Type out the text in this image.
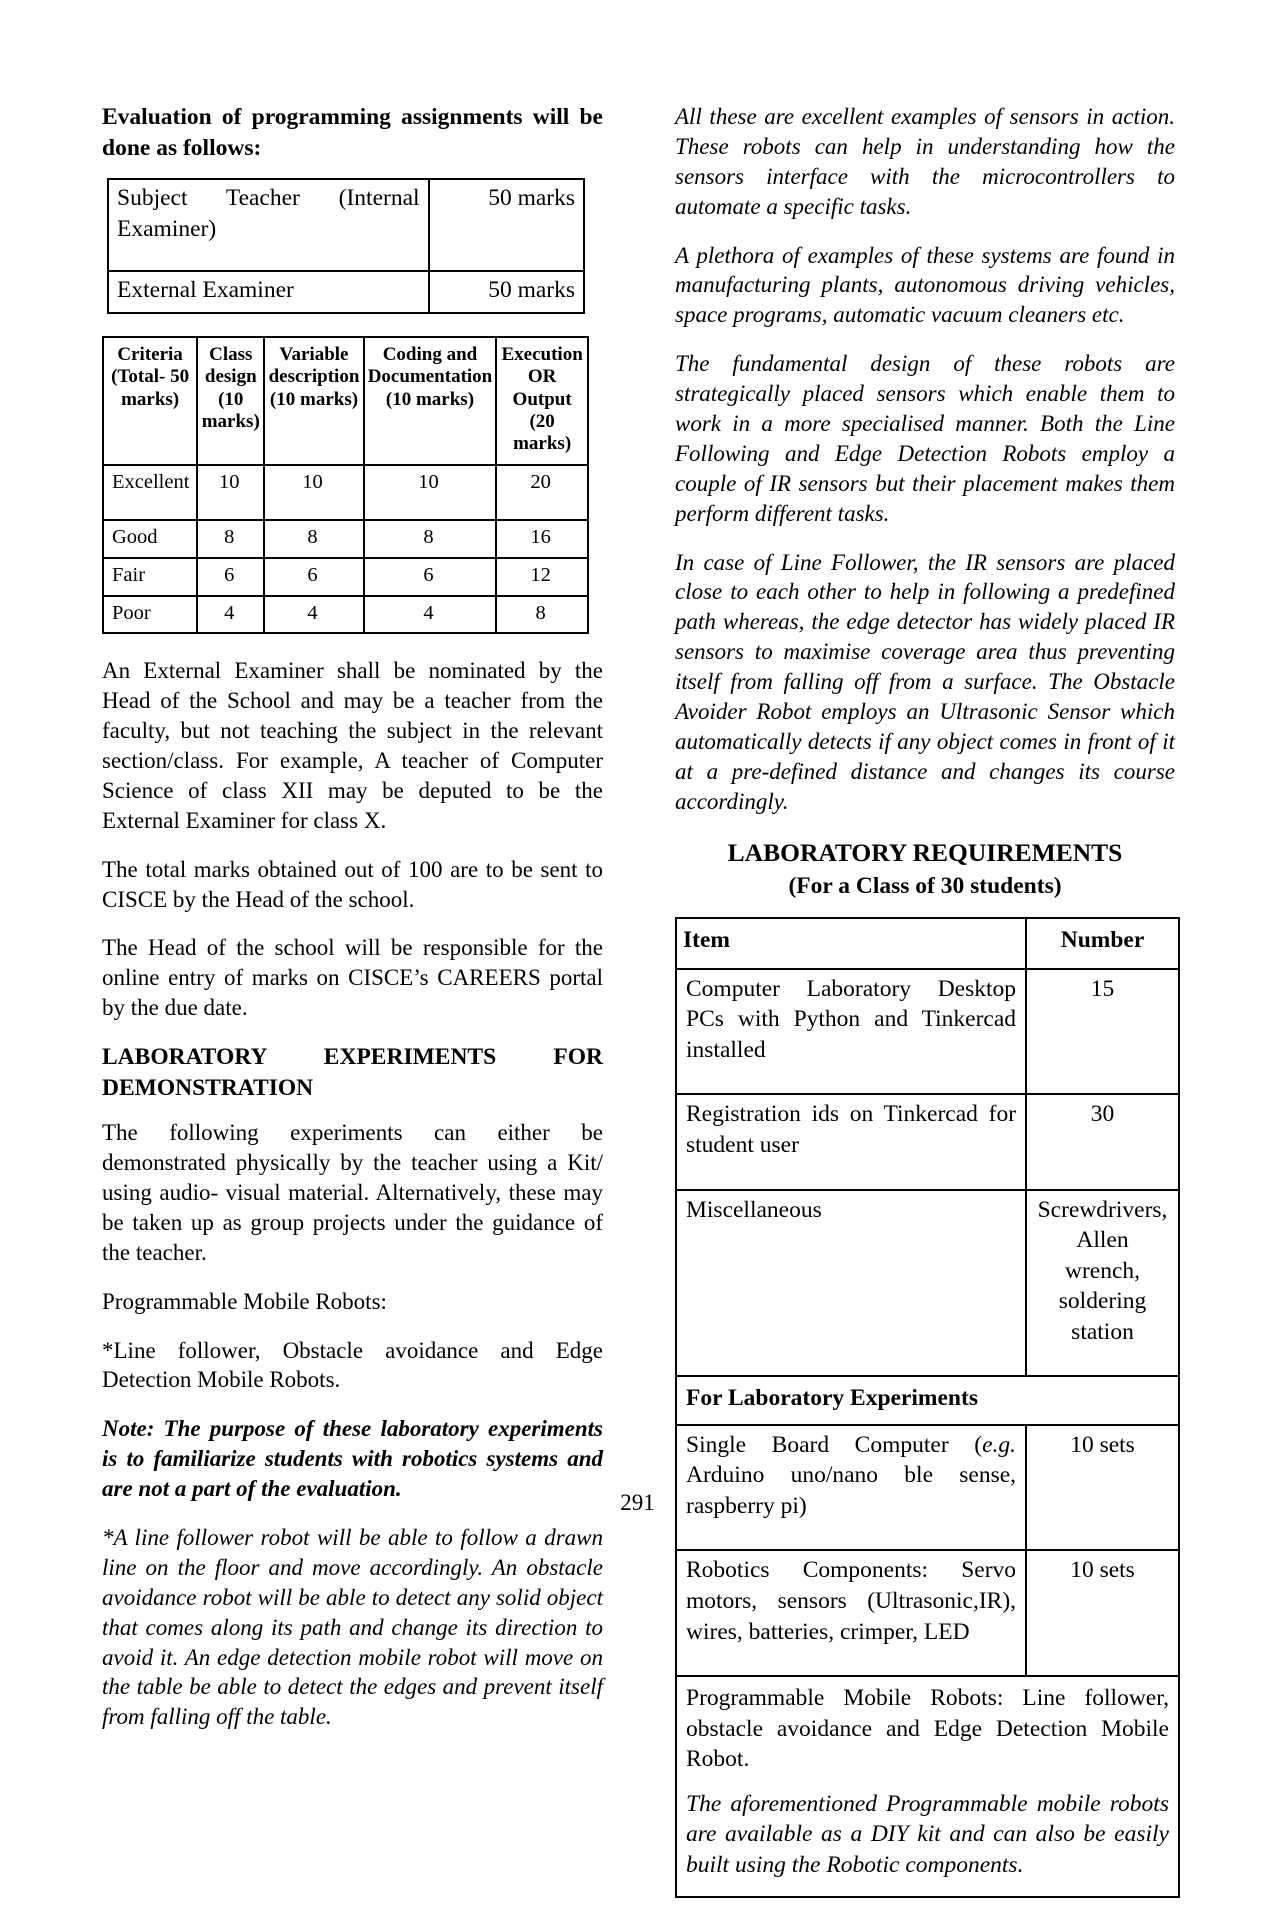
Evaluation of programming assignments will be done as follows:
Subject Teacher (Internal Examiner)	50 marks
External Examiner	50 marks
Criteria (Total- 50 marks)	Class design (10 marks)	Variable description (10 marks)	Coding and Documentation (10 marks)	Execution OR Output (20 marks)
Excellent	10	10	10	20
Good	8	8	8	16
Fair	6	6	6	12
Poor	4	4	4	8

An External Examiner shall be nominated by the Head of the School and may be a teacher from the faculty, but not teaching the subject in the relevant section/class. For example, A teacher of Computer Science of class XII may be deputed to be the External Examiner for class X.

The total marks obtained out of 100 are to be sent to CISCE by the Head of the school.

The Head of the school will be responsible for the online entry of marks on CISCE’s CAREERS portal by the due date.

LABORATORY EXPERIMENTS FOR DEMONSTRATION

The following experiments can either be demonstrated physically by the teacher using a Kit/ using audio- visual material. Alternatively, these may be taken up as group projects under the guidance of the teacher.

Programmable Mobile Robots:

*Line follower, Obstacle avoidance and Edge Detection Mobile Robots.

Note: The purpose of these laboratory experiments is to familiarize students with robotics systems and are not a part of the evaluation.

*A line follower robot will be able to follow a drawn line on the floor and move accordingly. An obstacle avoidance robot will be able to detect any solid object that comes along its path and change its direction to avoid it. An edge detection mobile robot will move on the table be able to detect the edges and prevent itself from falling off the table.

All these are excellent examples of sensors in action. These robots can help in understanding how the sensors interface with the microcontrollers to automate a specific tasks.

A plethora of examples of these systems are found in manufacturing plants, autonomous driving vehicles, space programs, automatic vacuum cleaners etc.

The fundamental design of these robots are strategically placed sensors which enable them to work in a more specialised manner. Both the Line Following and Edge Detection Robots employ a couple of IR sensors but their placement makes them perform different tasks.

In case of Line Follower, the IR sensors are placed close to each other to help in following a predefined path whereas, the edge detector has widely placed IR sensors to maximise coverage area thus preventing itself from falling off from a surface. The Obstacle Avoider Robot employs an Ultrasonic Sensor which automatically detects if any object comes in front of it at a pre-defined distance and changes its course accordingly.

LABORATORY REQUIREMENTS
(For a Class of 30 students)
Item	Number
Computer Laboratory Desktop PCs with Python and Tinkercad installed	15
Registration ids on Tinkercad for student user	30
Miscellaneous	Screwdrivers, Allen wrench, soldering station
For Laboratory Experiments	
Single Board Computer (e.g. Arduino uno/nano ble sense, raspberry pi)	10 sets
Robotics Components: Servo motors, sensors (Ultrasonic,IR), wires, batteries, crimper, LED	10 sets

Programmable Mobile Robots: Line follower, obstacle avoidance and Edge Detection Mobile Robot.

The aforementioned Programmable mobile robots are available as a DIY kit and can also be easily built using the Robotic components.	

291
